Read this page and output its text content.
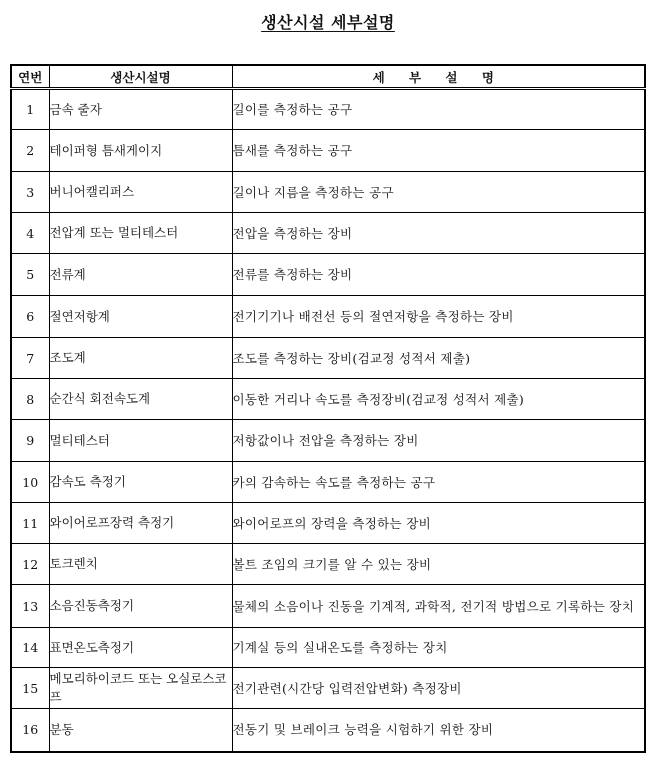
생산시설 세부설명
연번	생산시설명	세 부 설 명
1	금속 줄자	길이를 측정하는 공구
2	테이퍼형 틈새게이지	틈새를 측정하는 공구
3	버니어캘리퍼스	길이나 지름을 측정하는 공구
4	전압계 또는 멀티테스터	전압을 측정하는 장비
5	전류계	전류를 측정하는 장비
6	절연저항계	전기기기나 배전선 등의 절연저항을 측정하는 장비
7	조도계	조도를 측정하는 장비(검교정 성적서 제출)
8	순간식 회전속도계	이동한 거리나 속도를 측정장비(검교정 성적서 제출)
9	멀티테스터	저항값이나 전압을 측정하는 장비
10	감속도 측정기	카의 감속하는 속도를 측정하는 공구
11	와이어로프장력 측정기	와이어로프의 장력을 측정하는 장비
12	토크렌치	볼트 조임의 크기를 알 수 있는 장비
13	소음진동측정기	물체의 소음이나 진동을 기계적, 과학적, 전기적 방법으로 기록하는 장치
14	표면온도측정기	기계실 등의 실내온도를 측정하는 장치
15	메모리하이코드 또는 오실로스코프	전기관련(시간당 입력전압변화) 측정장비
16	분동	전동기 및 브레이크 능력을 시험하기 위한 장비
